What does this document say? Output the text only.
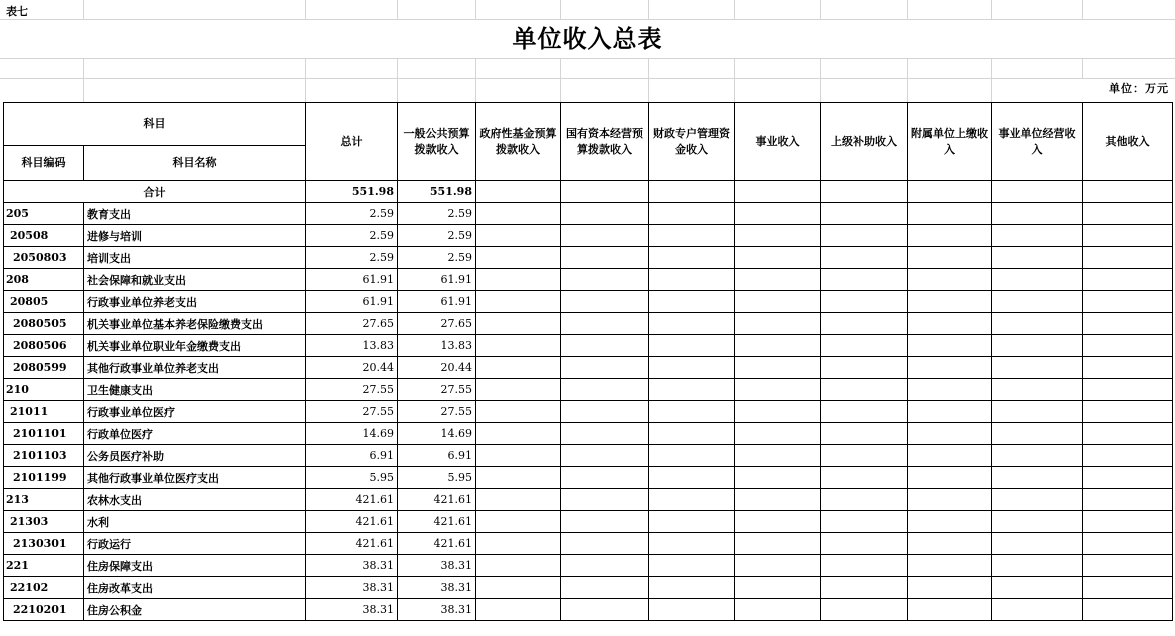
表七
单位收入总表
单位：万元
科目		总计	一般公共预算拨款收入	政府性基金预算拨款收入	国有资本经营预算拨款收入	财政专户管理资金收入	事业收入	上级补助收入	附属单位上缴收入	事业单位经营收入	其他收入
科目编码	科目名称										
合计		551.98	551.98								
205	教育支出	2.59	2.59								
20508	进修与培训	2.59	2.59								
2050803	培训支出	2.59	2.59								
208	社会保障和就业支出	61.91	61.91								
20805	行政事业单位养老支出	61.91	61.91								
2080505	机关事业单位基本养老保险缴费支出	27.65	27.65								
2080506	机关事业单位职业年金缴费支出	13.83	13.83								
2080599	其他行政事业单位养老支出	20.44	20.44								
210	卫生健康支出	27.55	27.55								
21011	行政事业单位医疗	27.55	27.55								
2101101	行政单位医疗	14.69	14.69								
2101103	公务员医疗补助	6.91	6.91								
2101199	其他行政事业单位医疗支出	5.95	5.95								
213	农林水支出	421.61	421.61								
21303	水利	421.61	421.61								
2130301	行政运行	421.61	421.61								
221	住房保障支出	38.31	38.31								
22102	住房改革支出	38.31	38.31								
2210201	住房公积金	38.31	38.31								
